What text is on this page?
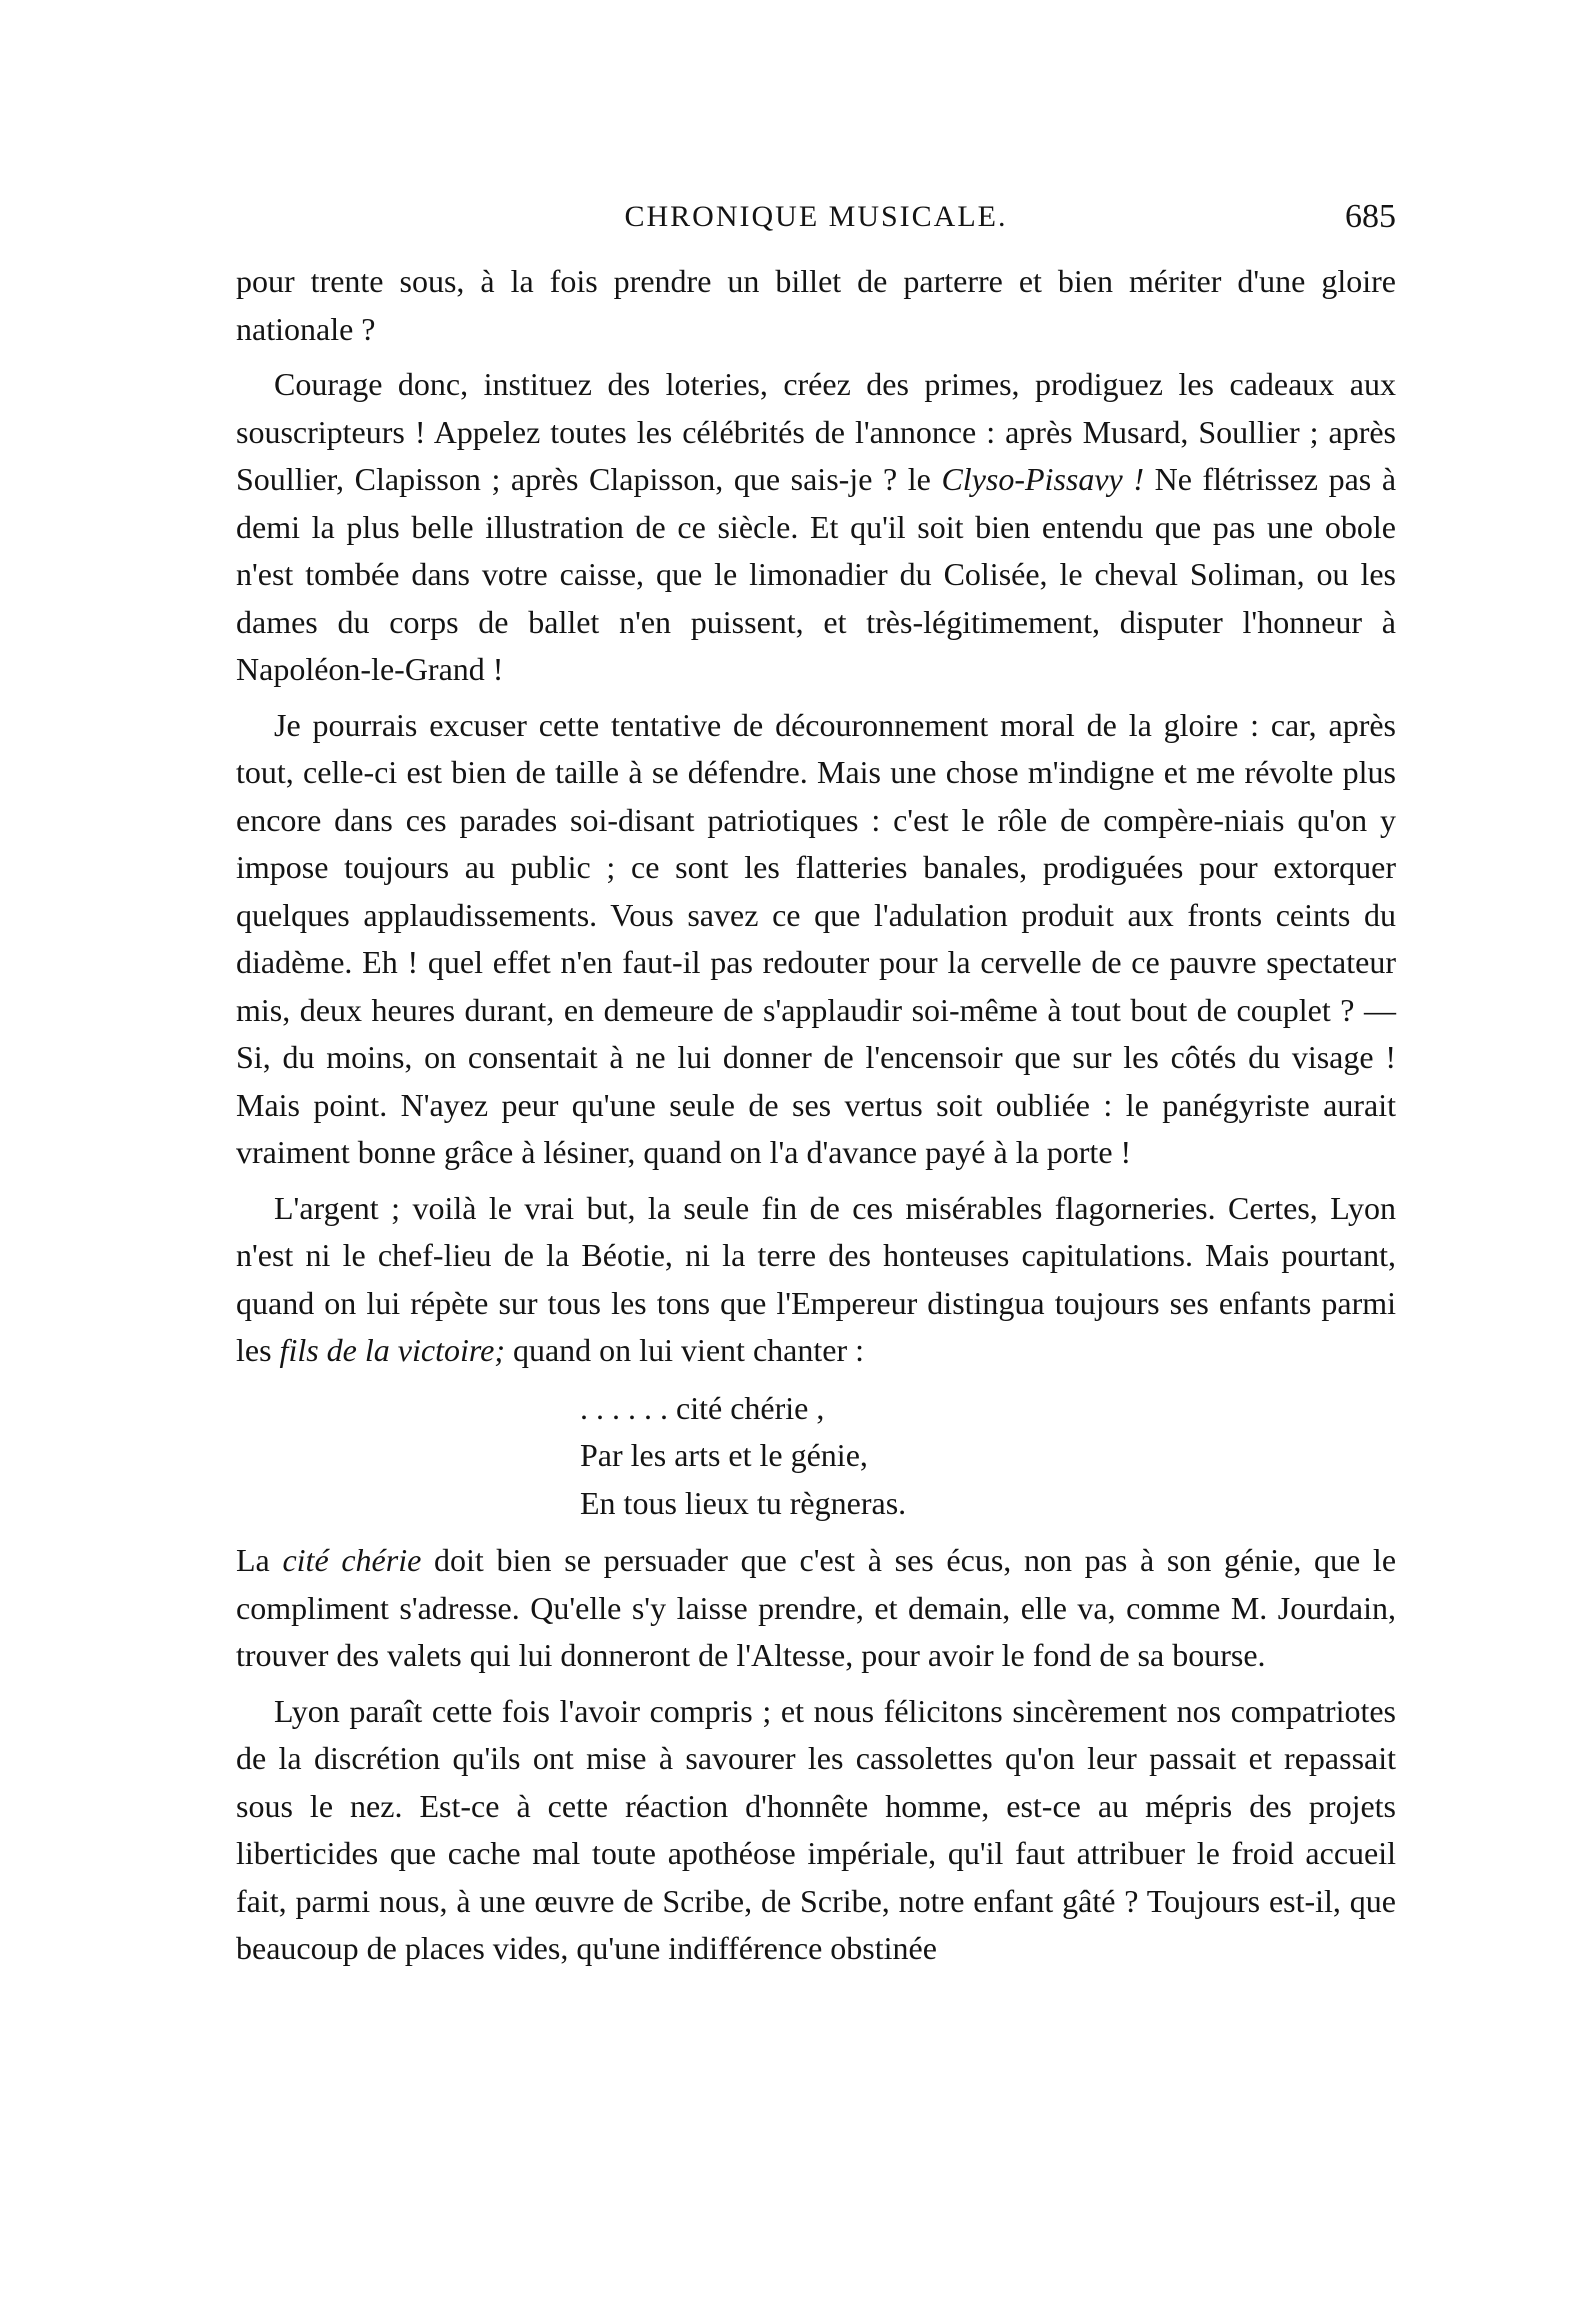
CHRONIQUE MUSICALE.	685

pour trente sous, à la fois prendre un billet de parterre et bien mériter d'une gloire nationale ?

Courage donc, instituez des loteries, créez des primes, prodiguez les cadeaux aux souscripteurs ! Appelez toutes les célébrités de l'annonce : après Musard, Soullier ; après Soullier, Clapisson ; après Clapisson, que sais-je ? le Clyso-Pissavy ! Ne flétrissez pas à demi la plus belle illustration de ce siècle. Et qu'il soit bien entendu que pas une obole n'est tombée dans votre caisse, que le limonadier du Colisée, le cheval Soliman, ou les dames du corps de ballet n'en puissent, et très-légitimement, disputer l'honneur à Napoléon-le-Grand !

Je pourrais excuser cette tentative de découronnement moral de la gloire : car, après tout, celle-ci est bien de taille à se défendre. Mais une chose m'indigne et me révolte plus encore dans ces parades soi-disant patriotiques : c'est le rôle de compère-niais qu'on y impose toujours au public ; ce sont les flatteries banales, prodiguées pour extorquer quelques applaudissements. Vous savez ce que l'adulation produit aux fronts ceints du diadème. Eh ! quel effet n'en faut-il pas redouter pour la cervelle de ce pauvre spectateur mis, deux heures durant, en demeure de s'applaudir soi-même à tout bout de couplet ? — Si, du moins, on consentait à ne lui donner de l'encensoir que sur les côtés du visage ! Mais point. N'ayez peur qu'une seule de ses vertus soit oubliée : le panégyriste aurait vraiment bonne grâce à lésiner, quand on l'a d'avance payé à la porte !

L'argent ; voilà le vrai but, la seule fin de ces misérables flagorneries. Certes, Lyon n'est ni le chef-lieu de la Béotie, ni la terre des honteuses capitulations. Mais pourtant, quand on lui répète sur tous les tons que l'Empereur distingua toujours ses enfants parmi les fils de la victoire; quand on lui vient chanter :

. . . . . . cité chérie ,
Par les arts et le génie,
En tous lieux tu règneras.

La cité chérie doit bien se persuader que c'est à ses écus, non pas à son génie, que le compliment s'adresse. Qu'elle s'y laisse prendre, et demain, elle va, comme M. Jourdain, trouver des valets qui lui donneront de l'Altesse, pour avoir le fond de sa bourse.

Lyon paraît cette fois l'avoir compris ; et nous félicitons sincèrement nos compatriotes de la discrétion qu'ils ont mise à savourer les cassolettes qu'on leur passait et repassait sous le nez. Est-ce à cette réaction d'honnête homme, est-ce au mépris des projets liberticides que cache mal toute apothéose impériale, qu'il faut attribuer le froid accueil fait, parmi nous, à une œuvre de Scribe, de Scribe, notre enfant gâté ? Toujours est-il, que beaucoup de places vides, qu'une indifférence obstinée
